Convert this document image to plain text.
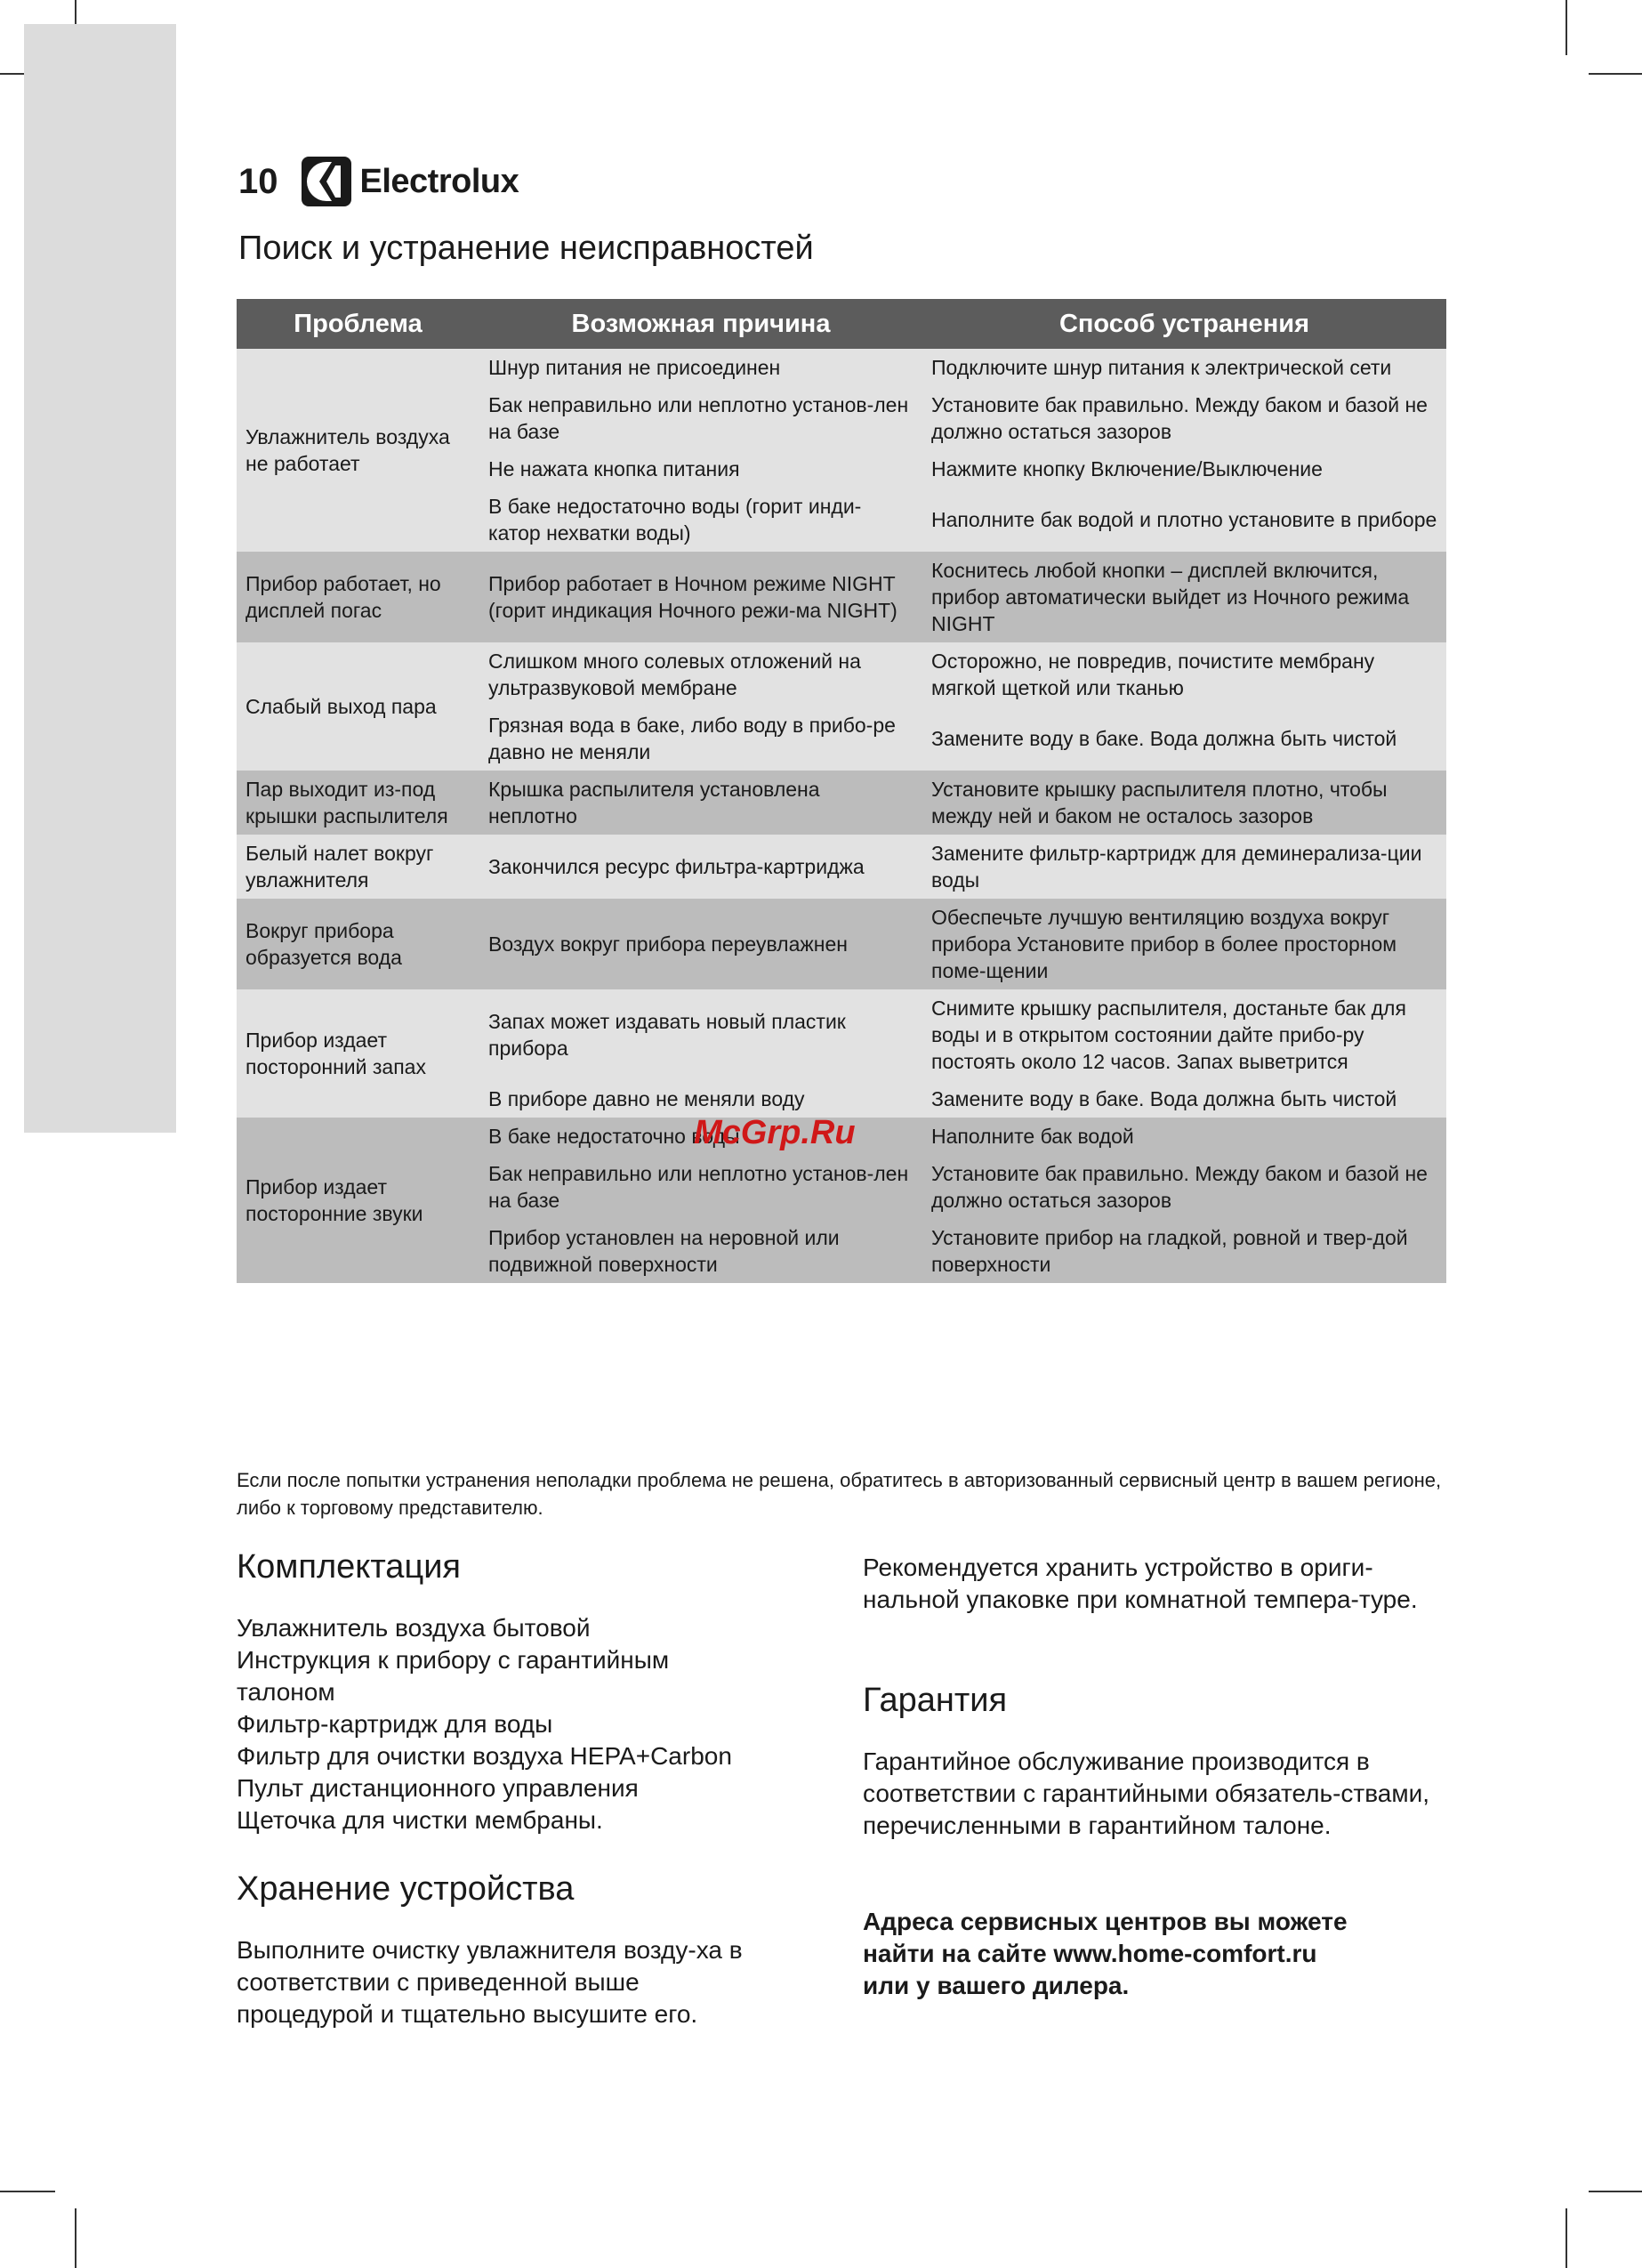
10 Electrolux
Поиск и устранение неисправностей
Проблема	Возможная причина	Способ устранения
Увлажнитель воздуха не работает	Шнур питания не присоединен	Подключите шнур питания к электрической сети
	Бак неправильно или неплотно установ-лен на базе	Установите бак правильно. Между баком и базой не должно остаться зазоров
	Не нажата кнопка питания	Нажмите кнопку Включение/Выключение
	В баке недостаточно воды (горит инди-катор нехватки воды)	Наполните бак водой и плотно установите в приборе
Прибор работает, но дисплей погас	Прибор работает в Ночном режиме NIGHT (горит индикация Ночного режи-ма NIGHT)	Коснитесь любой кнопки – дисплей включится, прибор автоматически выйдет из Ночного режима NIGHT
Слабый выход пара	Слишком много солевых отложений на ультразвуковой мембране	Осторожно, не повредив, почистите мембрану мягкой щеткой или тканью
	Грязная вода в баке, либо воду в прибо-ре давно не меняли	Замените воду в баке. Вода должна быть чистой
Пар выходит из-под крышки распылителя	Крышка распылителя установлена неплотно	Установите крышку распылителя плотно, чтобы между ней и баком не осталось зазоров
Белый налет вокруг увлажнителя	Закончился ресурс фильтра-картриджа	Замените фильтр-картридж для деминерализа-ции воды
Вокруг прибора образуется вода	Воздух вокруг прибора переувлажнен	Обеспечьте лучшую вентиляцию воздуха вокруг прибора Установите прибор в более просторном поме-щении
Прибор издает посторонний запах	Запах может издавать новый пластик прибора	Снимите крышку распылителя, достаньте бак для воды и в открытом состоянии дайте прибо-ру постоять около 12 часов. Запах выветрится
	В приборе давно не меняли воду	Замените воду в баке. Вода должна быть чистой
Прибор издает посторонние звуки	В баке недостаточно воды	Наполните бак водой
	Бак неправильно или неплотно установ-лен на базе	Установите бак правильно. Между баком и базой не должно остаться зазоров
	Прибор установлен на неровной или подвижной поверхности	Установите прибор на гладкой, ровной и твер-дой поверхности
Если после попытки устранения неполадки проблема не решена, обратитесь в авторизованный сервисный центр в вашем регионе, либо к торговому представителю.
Комплектация
Увлажнитель воздуха бытовой
Инструкция к прибору с гарантийным талоном
Фильтр-картридж для воды
Фильтр для очистки воздуха HEPA+Carbon
Пульт дистанционного управления
Щеточка для чистки мембраны.
Хранение устройства
Выполните очистку увлажнителя возду-ха в соответствии с приведенной выше процедурой и тщательно высушите его.
Рекомендуется хранить устройство в ориги-нальной упаковке при комнатной темпера-туре.
Гарантия
Гарантийное обслуживание производится в соответствии с гарантийными обязатель-ствами, перечисленными в гарантийном талоне.
Адреса сервисных центров вы можете найти на сайте www.home-comfort.ru или у вашего дилера.
McGrp.Ru
